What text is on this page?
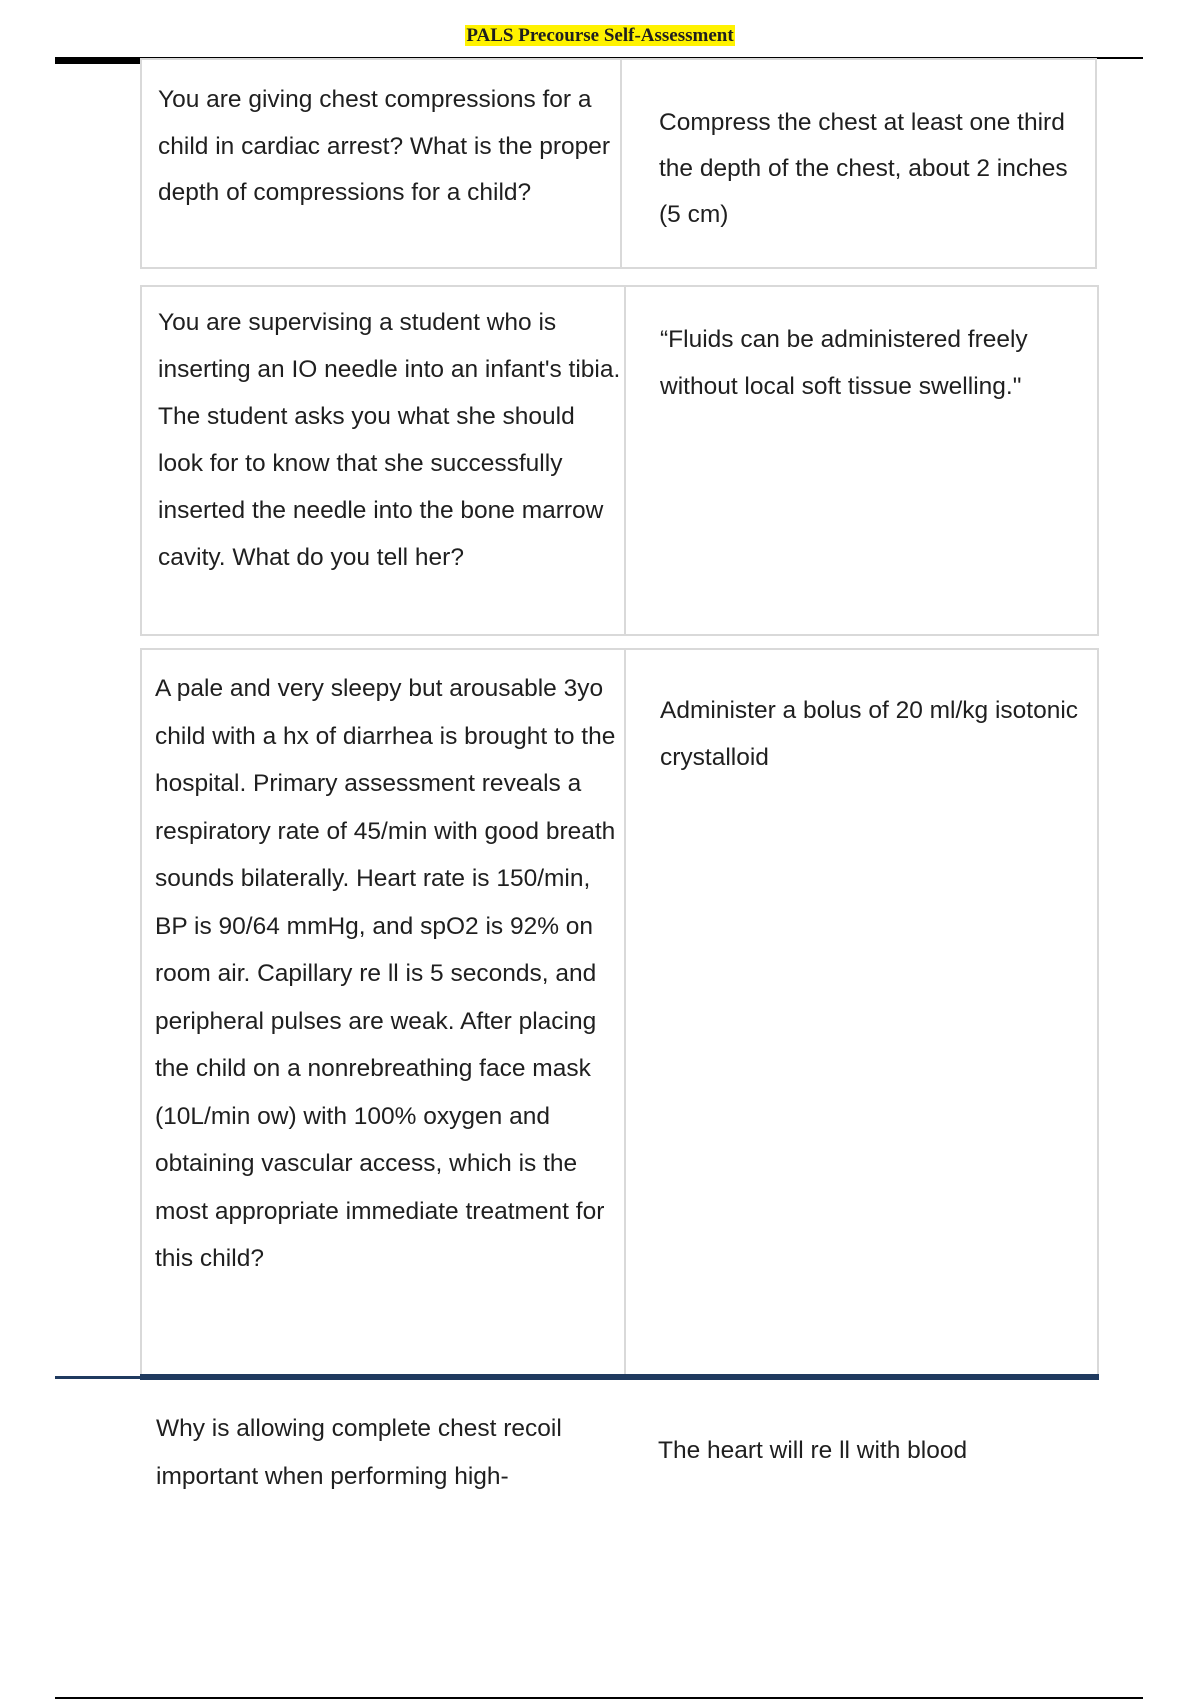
PALS Precourse Self-Assessment
You are giving chest compressions for a child in cardiac arrest? What is the proper depth of compressions for a child?
Compress the chest at least one third the depth of the chest, about 2 inches (5 cm)
You are supervising a student who is inserting an IO needle into an infant's tibia. The student asks you what she should look for to know that she successfully inserted the needle into the bone marrow cavity. What do you tell her?
“Fluids can be administered freely without local soft tissue swelling."
A pale and very sleepy but arousable 3yo child with a hx of diarrhea is brought to the hospital. Primary assessment reveals a respiratory rate of 45/min with good breath sounds bilaterally. Heart rate is 150/min, BP is 90/64 mmHg, and spO2 is 92% on room air. Capillary re ll is 5 seconds, and peripheral pulses are weak. After placing the child on a nonrebreathing face mask (10L/min ow) with 100% oxygen and obtaining vascular access, which is the most appropriate immediate treatment for this child?
Administer a bolus of 20 ml/kg isotonic crystalloid
Why is allowing complete chest recoil important when performing high-
The heart will re ll with blood
